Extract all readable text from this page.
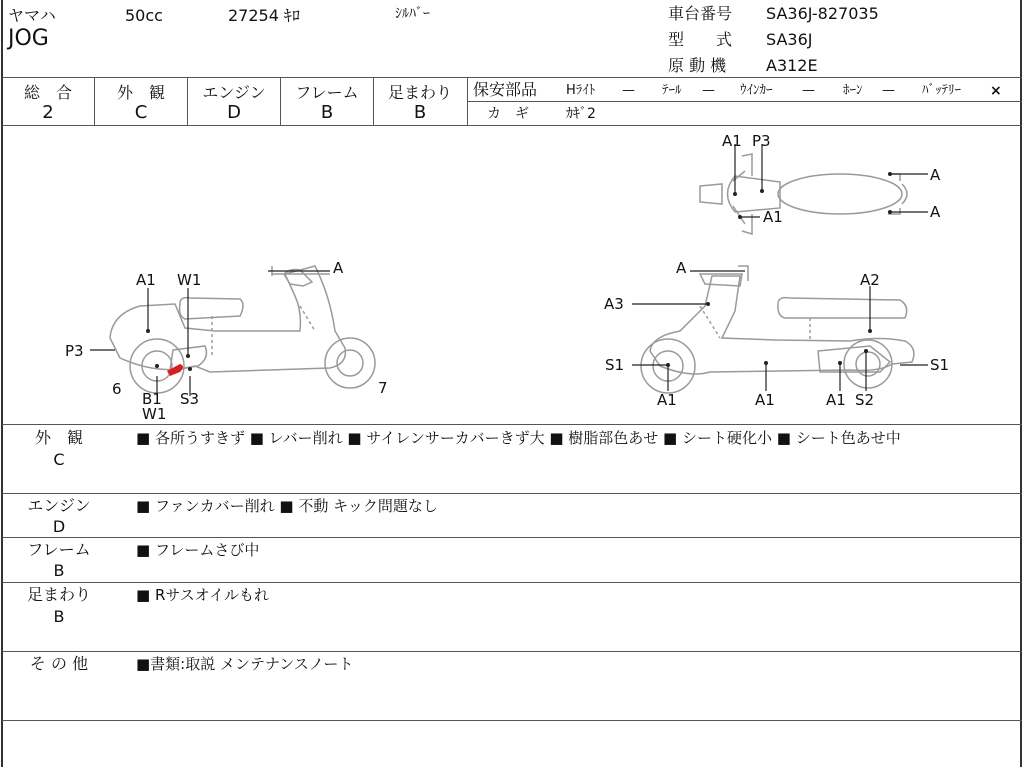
ヤマハ	50cc	27254 ｷﾛ	ｼﾙﾊﾞｰ
JOG
車台番号 SA36J-827035
型　　式 SA36J
原 動 機 A312E
総　合
2
外　観
C
エンジン
D
フレーム
B
足まわり
B
保安部品 Hﾗｲﾄ — ﾃｰﾙ — ｳｲﾝｶｰ — ﾎｰﾝ — ﾊﾞｯﾃﾘｰ ×
カ　ギ	ｶｷﾞ2
A
A1 W1
P3
6
B1
W1
S3
7
A
A3
A2
S1	S1
A1	A1	A1 S2
A1 P3
A
A
A1
外　観
C
■ 各所うすきず ■ レバー削れ ■ サイレンサーカバーきず大 ■ 樹脂部色あせ ■ シート硬化小 ■ シート色あせ中
エンジン
D
■ ファンカバー削れ ■ 不動 キック問題なし
フレーム
B
■ フレームさび中
足まわり
B
■ Rサスオイルもれ
そ の 他	■書類:取説 メンテナンスノート
